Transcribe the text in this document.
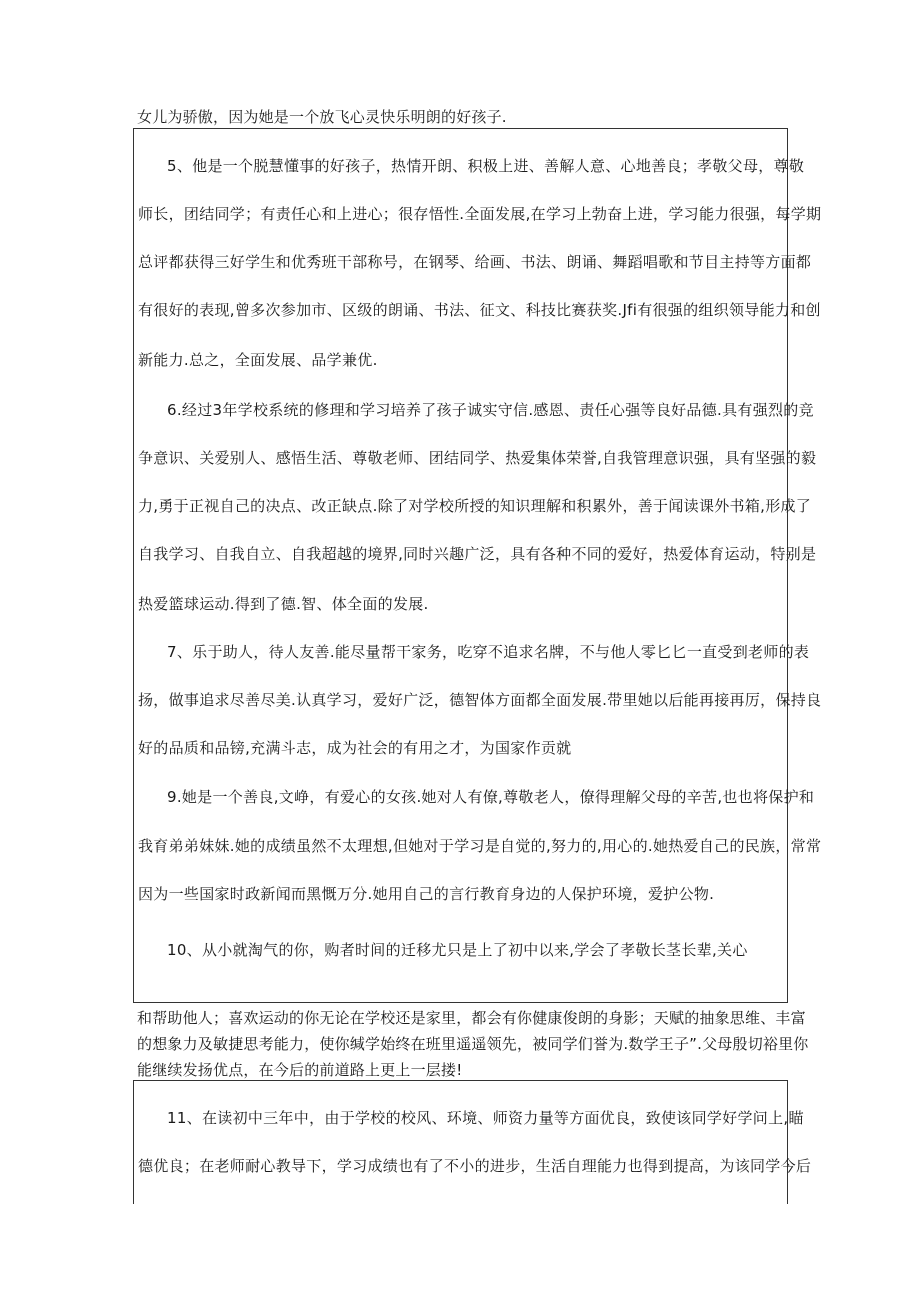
女儿为骄傲，因为她是一个放飞心灵快乐明朗的好孩子.
5、他是一个脱慧懂事的好孩子，热情开朗、积极上进、善解人意、心地善良；孝敬父母，尊敬
师长，团结同学；有责任心和上进心；很存悟性.全面发展,在学习上勃奋上进，学习能力很强，每学期
总评都获得三好学生和优秀班干部称号，在钢琴、给画、书法、朗诵、舞蹈唱歌和节目主持等方面都
有很好的表现,曾多次参加市、区级的朗诵、书法、征文、科技比赛获奖.Jfi有很强的组织领导能力和创
新能力.总之，全面发展、品学兼优.
6.经过3年学校系统的修理和学习培养了孩子诚实守信.感恩、责任心强等良好品德.具有强烈的竞
争意识、关爱别人、感悟生活、尊敬老师、团结同学、热爱集体荣誉,自我管理意识强，具有坚强的毅
力,勇于正视自己的决点、改正缺点.除了对学校所授的知识理解和积累外，善于闻读课外书箱,形成了
自我学习、自我自立、自我超越的境界,同时兴趣广泛，具有各种不同的爱好，热爱体育运动，特别是
热爱篮球运动.得到了德.智、体全面的发展.
7、乐于助人，待人友善.能尽量帮干家务，吃穿不追求名牌，不与他人零匕匕一直受到老师的表
扬，做事追求尽善尽美.认真学习，爱好广泛，德智体方面都全面发展.带里她以后能再接再厉，保持良
好的品质和品镑,充满斗志，成为社会的有用之才，为国家作贡就
9.她是一个善良,文峥，有爱心的女孩.她对人有僚,尊敬老人，僚得理解父母的辛苦,也也将保护和
我育弟弟妹妹.她的成绩虽然不太理想,但她对于学习是自觉的,努力的,用心的.她热爱自己的民族，常常
因为一些国家时政新闻而黑慨万分.她用自己的言行教育身边的人保护环境，爱护公物.
10、从小就淘气的你，购者时间的迁移尤只是上了初中以来,学会了孝敬长茎长辈,关心
和帮助他人；喜欢运动的你无论在学校还是家里，都会有你健康俊朗的身影；天赋的抽象思维、丰富
的想象力及敏捷思考能力，使你缄学始终在班里遥遥领先，被同学们誉为.数学王子”.父母殷切裕里你
能继续发扬优点，在今后的前道路上更上一层搂!
11、在读初中三年中，由于学校的校风、环境、师资力量等方面优良，致使该同学好学问上,瞄
德优良；在老师耐心教导下，学习成绩也有了不小的进步，生活自理能力也得到提高，为该同学今后
